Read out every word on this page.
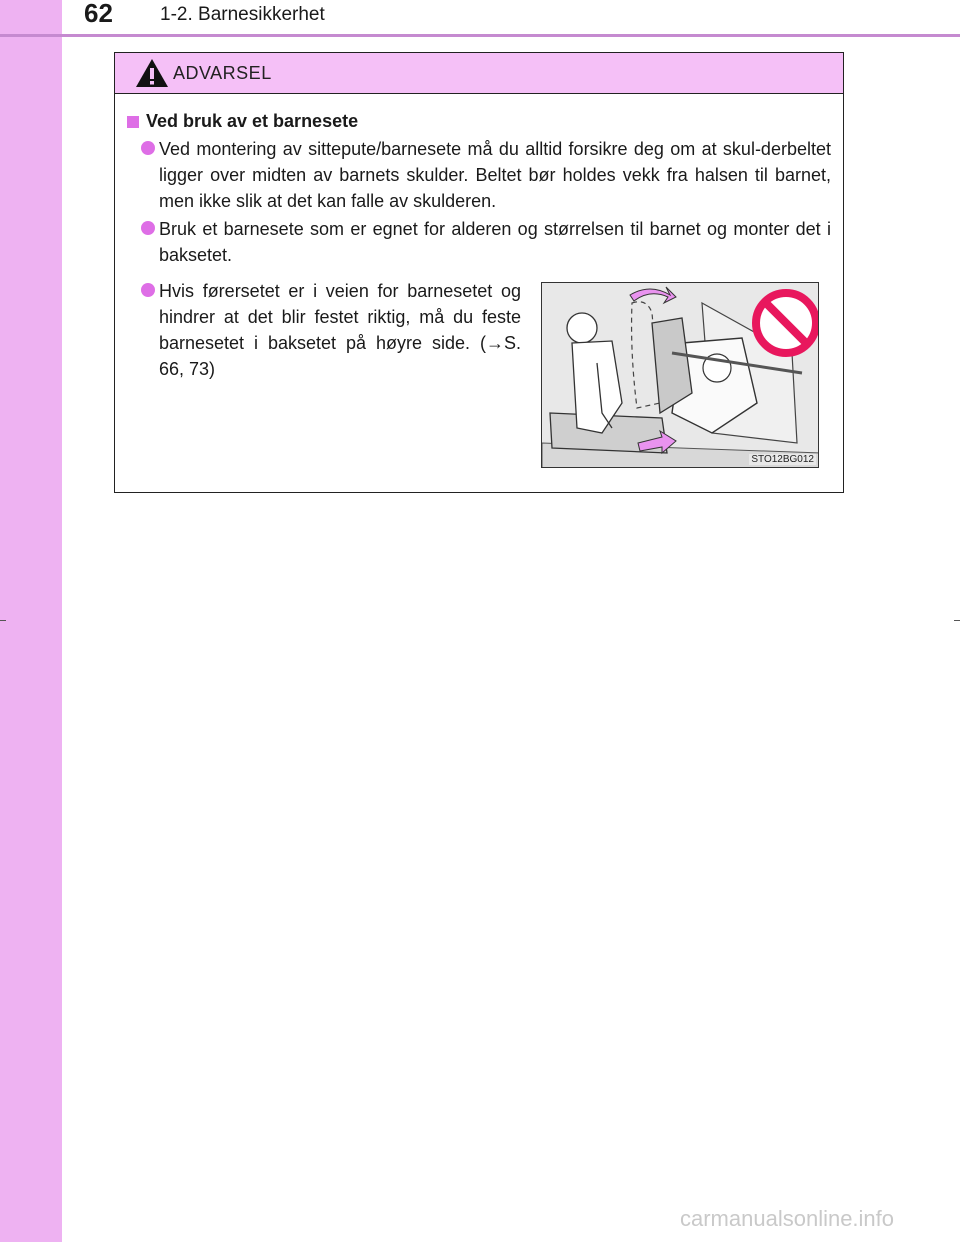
62 1-2. Barnesikkerhet
ADVARSEL
Ved bruk av et barnesete
Ved montering av sittepute/barnesete må du alltid forsikre deg om at skul-derbeltet ligger over midten av barnets skulder. Beltet bør holdes vekk fra halsen til barnet, men ikke slik at det kan falle av skulderen.
Bruk et barnesete som er egnet for alderen og størrelsen til barnet og monter det i baksetet.
Hvis førersetet er i veien for barnesetet og hindrer at det blir festet riktig, må du feste barnesetet i baksetet på høyre side. (→S. 66, 73)
STO12BG012
carmanualsonline.info
